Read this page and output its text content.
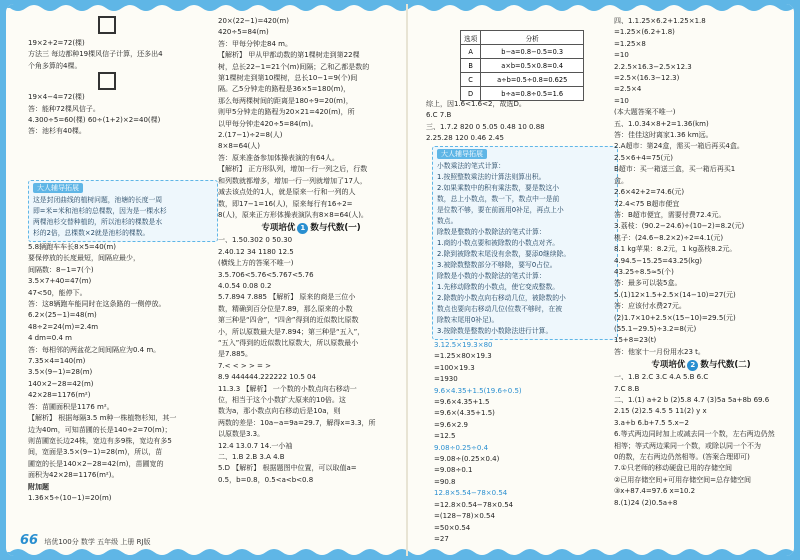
19×2+2=72(棵)
方法三 每边都种19棵风信子计算，还多出4
个角多算的4棵。
19×4−4=72(棵)
答：能种72棵风信子。
4.300÷5=60(棵) 60÷(1+2)×2=40(棵)
答：池杉有40棵。
大人辅导拓展
这是封闭曲线的植树问题，池塘的长度一周
即=米=米和池杉的总棵数，因为是一棵水杉
两棵池杉交替种植的，所以池杉的棵数是水
杉的2倍，总棵数×2就是池杉的棵数。
5.8辆跑车车长8×5=40(m)
要保停放的长度最短，间隔应最少，
间隔数：8−1=7(个)
3.5×7+40=47(m)
47<50，能停下。
答：这8辆跑车能同时在这条路的一侧停放。
6.2×(25−1)=48(m)
48÷2=24(m)=2.4m
4 dm=0.4 m
答：每相邻的两盆花之间间隔应为0.4 m。
7.35×4=140(m)
3.5×(9−1)=28(m)
140×2−28=42(m)
42×28=1176(m²)
答：苗圃面积是1176 m²。
【解析】 根据每隔3.5 m种一株植物杉知，其一
边为40m，可知苗圃的长是140÷2=70(m)；
则苗圃宽长边24株，宽边有多9株，宽边有多5
间，宽面是3.5×(9−1)=28(m)，所以，苗
圃宽的长是140×2−28=42(m)，苗圃宽的
面积为42×28=1176(m²)。
附加题
1.36×5÷(10−1)=20(m)
20×(22−1)=420(m)
420÷5=84(m)
答：甲每分钟走84 m。
【解析】 甲从甲都动数的第1棵树走到第22棵
树，总长22−1=21个(m)间隔；乙和乙都是数的
第1棵树走到第10棵树，总长10−1=9(个)间
隔。乙5分钟走的路程是36×5=180(m)，
那么每两棵树间的距离是180÷9=20(m)，
则甲5分钟走的路程为20×21=420(m)，所
以甲每分钟走420÷5=84(m)。
2.(17−1)÷2=8(人)
8×8=64(人)
答：原来准备参加体操表演的有64人。
【解析】 正方形队列，增加一行一列之后，行数
和列数就都增多，增加一行一列就增加了17人，
减去该点处的1人，就是原来一行和一列的人
数，即17−1=16(人)，原来每行有16÷2=
8(人)，原来正方形体操表演队有8×8=64(人)。
专项培优 1 数与代数(一)
一、1.50.302 0 50.30
2.40.12 34 1180 12.5
(横线上方的答案不唯一)
3.5.706<5.76<5.767<5.76
4.0.54 0.08 0.2
5.7.894 7.885 【解析】 原来的商是三位小
数，精确到百分位是7.89，那么原来的小数
第三种是“四舍”，“四舍”得到的近似数比原数
小，所以原数最大是7.894；第三种是“五入”，
“五入”得到的近似数比原数大，所以原数最小
是7.885。
7.< < > > = >
8.9 444444.222222 10.5 04
11.3.3 【解析】 一个数的小数点向右移动一
位，相当于这个小数扩大原来的10倍。这
数为a，那小数点向右移动后是10a，则
两数的差是：10a−a=9a=29.7，解得x=3.3，所
以原数是3.3。
12.4 13.0.7 14.一小袖
二、1.B 2.B 3.A 4.B
5.D 【解析】 根据题图中位置，可以取值a=
0.5，b=0.8，0.5<a<b<0.8
选项	分析
A	b−a=0.8−0.5=0.3
B	a×b=0.5×0.8=0.4
C	a÷b=0.5÷0.8=0.625
D	b÷a=0.8÷0.5=1.6
综上，因1.6<1.6<2，故选D。
6.C 7.B
三、1.7.2 820 0 5.05 0.48 10 0.88
2.25.28 120 0.46 2.45
大人辅导拓展
小数乘法的笔式计算：
1.按照整数乘法的计算法则算出积。
2.如果乘数中的积有乘法数，要是数这小
数，总上小数点，数一下，数点中一是前
是位数不够，要在前面用0补足，再点上小
数点。
除数是整数的小数除法的笔式计算：
1.商的小数点要和被除数的小数点对齐。
2.除到被除数末尾没有余数，要添0继续除。
3.被除数整数部分不够除，要写0占位。
除数是小数的小数除法的笔式计算：
1.先移动除数的小数点，使它变成整数。
2.除数的小数点向右移动几位，被除数的小
数点也要向右移动几位(位数不够时，在被
除数末尾用0补足)。
3.按除数是整数的小数除法进行计算。
3.12.5×19.3×80
=1.25×80×19.3
=100×19.3
=1930
9.6×4.35+1.5(19.6÷0.5)
=9.6×4.35+1.5
=9.6×(4.35+1.5)
=9.6×2.9
=12.5
9.08÷0.25÷0.4
=9.08÷(0.25×0.4)
=9.08÷0.1
=90.8
12.8×5.54−78×0.54
=12.8×0.54−78×0.54
=(128−78)×0.54
=50×0.54
=27
四、1.1.25×6.2+1.25×1.8
=1.25×(6.2+1.8)
=1.25×8
=10
2.2.5×16.3−2.5×12.3
=2.5×(16.3−12.3)
=2.5×4
=10
(本大题答案不唯一)
五、1.0.34×8+2=1.36(km)
答：佳佳这时离家1.36 km远。
2.A超市：第24盒，需买一箱后再买4盒。
2.5×6+4=75(元)
B超市：买一箱送三盒，买一箱后再买1
盒。
2.6×42+2=74.6(元)
72.4<75 B超市便宜
答：B超市便宜，需要付费72.4元。
3.荔枝：(90.2−24.6)÷(10−2)=8.2(元)
桃子：(24.6−8.2×2)÷2=4.1(元)
8.1 kg苹果：8.2元，1 kg荔枝8.2元。
4.94.5−15.25=43.25(kg)
43.25÷8.5≈5(个)
答：最多可以装5盒。
5.(1)12×1.5+2.5×(14−10)=27(元)
答：应该付水费27元。
(2)1.7×10+2.5×(15−10)=29.5(元)
(55.1−29.5)÷3.2=8(元)
15+8=23(t)
答：他家十一月份用水23 t。
专项培优 2 数与代数(二)
一、1.B 2.C 3.C 4.A 5.B 6.C
7.C 8.B
二、1.(1) a+2 b (2)5.8 4.7 (3)5a 5a+8b 69.6
2.15 (2)2.5 4.5 5 11(2) y x
3.a+b 6.b+7.5 5.x−2
6.等式两边同时加上或减去同一个数，左右两边仍然
相等；等式两边乘同一个数，或除以同一个不为
0的数，左右两边仍然相等。(答案合理即可)
7.①只老师的移动硬盘已用的存储空间
②已用存储空间+可用存储空间=总存储空间
③x+87.4=97.6 x=10.2
8.(1)24 (2)0.5a+8
66 培优100分 数学 五年级 上册 RJ版
